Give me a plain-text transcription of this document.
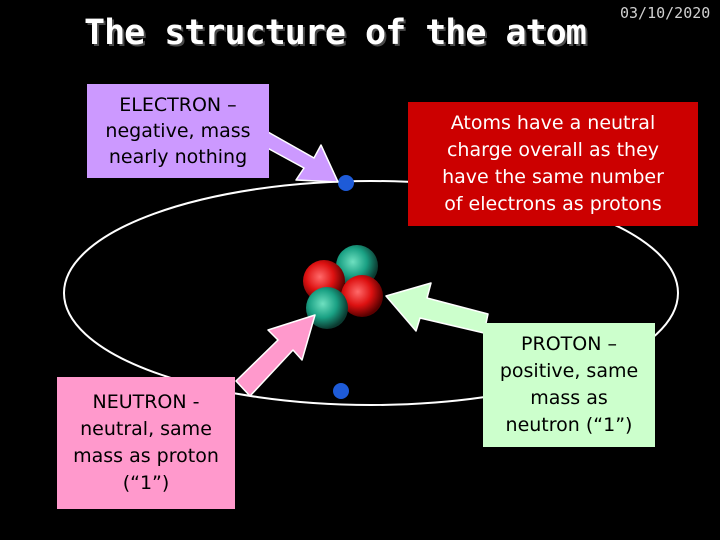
The structure of the atom 03/10/2020
ELECTRON –
negative, mass
nearly nothing
Atoms have a neutral
charge overall as they
have the same number
of electrons as protons
NEUTRON -
neutral, same
mass as proton
(“1”)
PROTON –
positive, same
mass as
neutron (“1”)
